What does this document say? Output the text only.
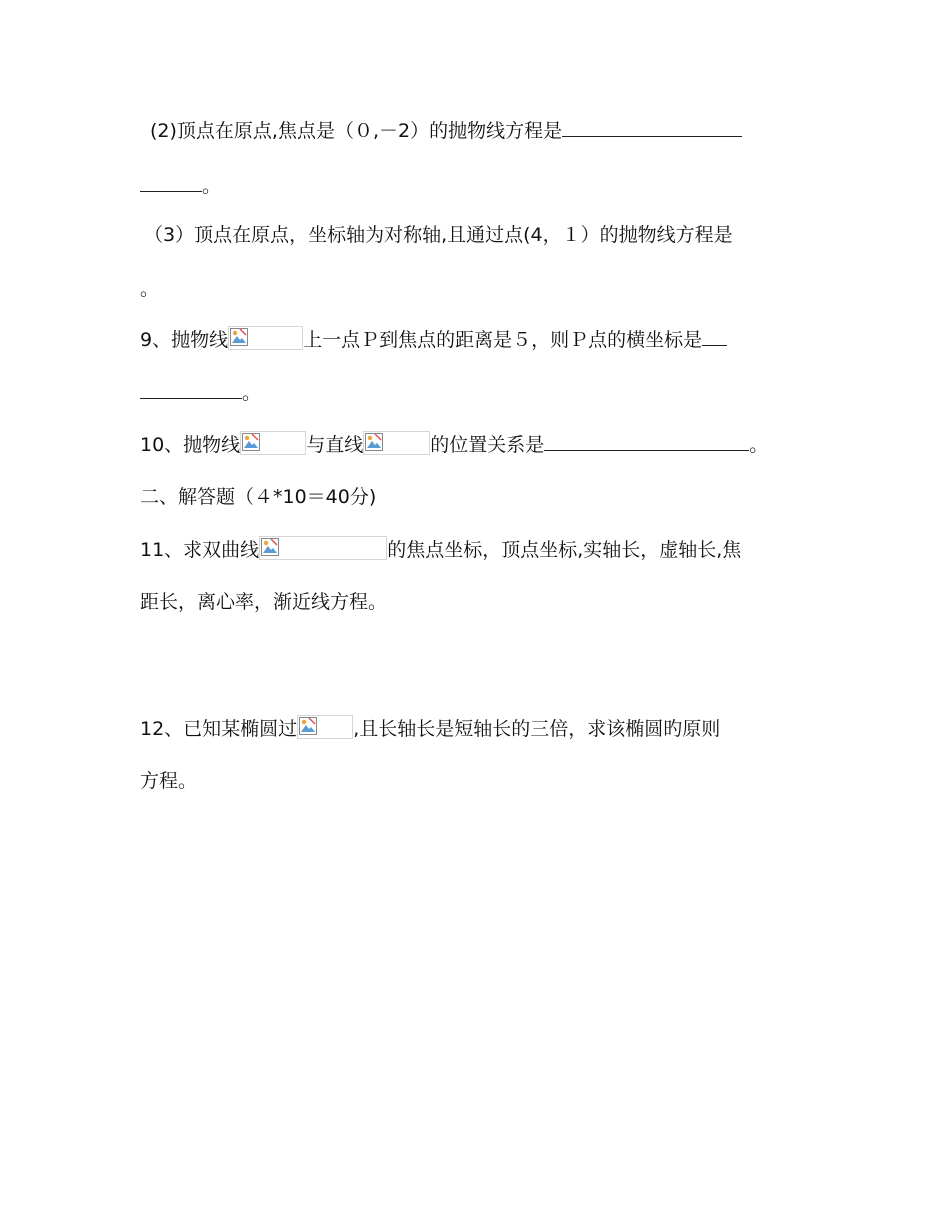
(2)顶点在原点,焦点是（０,－2）的抛物线方程是
。
（3）顶点在原点，坐标轴为对称轴,且通过点(4，１）的抛物线方程是
。
9、抛物线	上一点Ｐ到焦点的距离是５，则Ｐ点的横坐标是
。
10、抛物线	与直线	的位置关系是	。
二、解答题（４*10＝40分)
11、求双曲线	的焦点坐标，顶点坐标,实轴长，虚轴长,焦
距长，离心率，渐近线方程。
12、已知某椭圆过	,且长轴长是短轴长的三倍，求该椭圆旳原则
方程。
